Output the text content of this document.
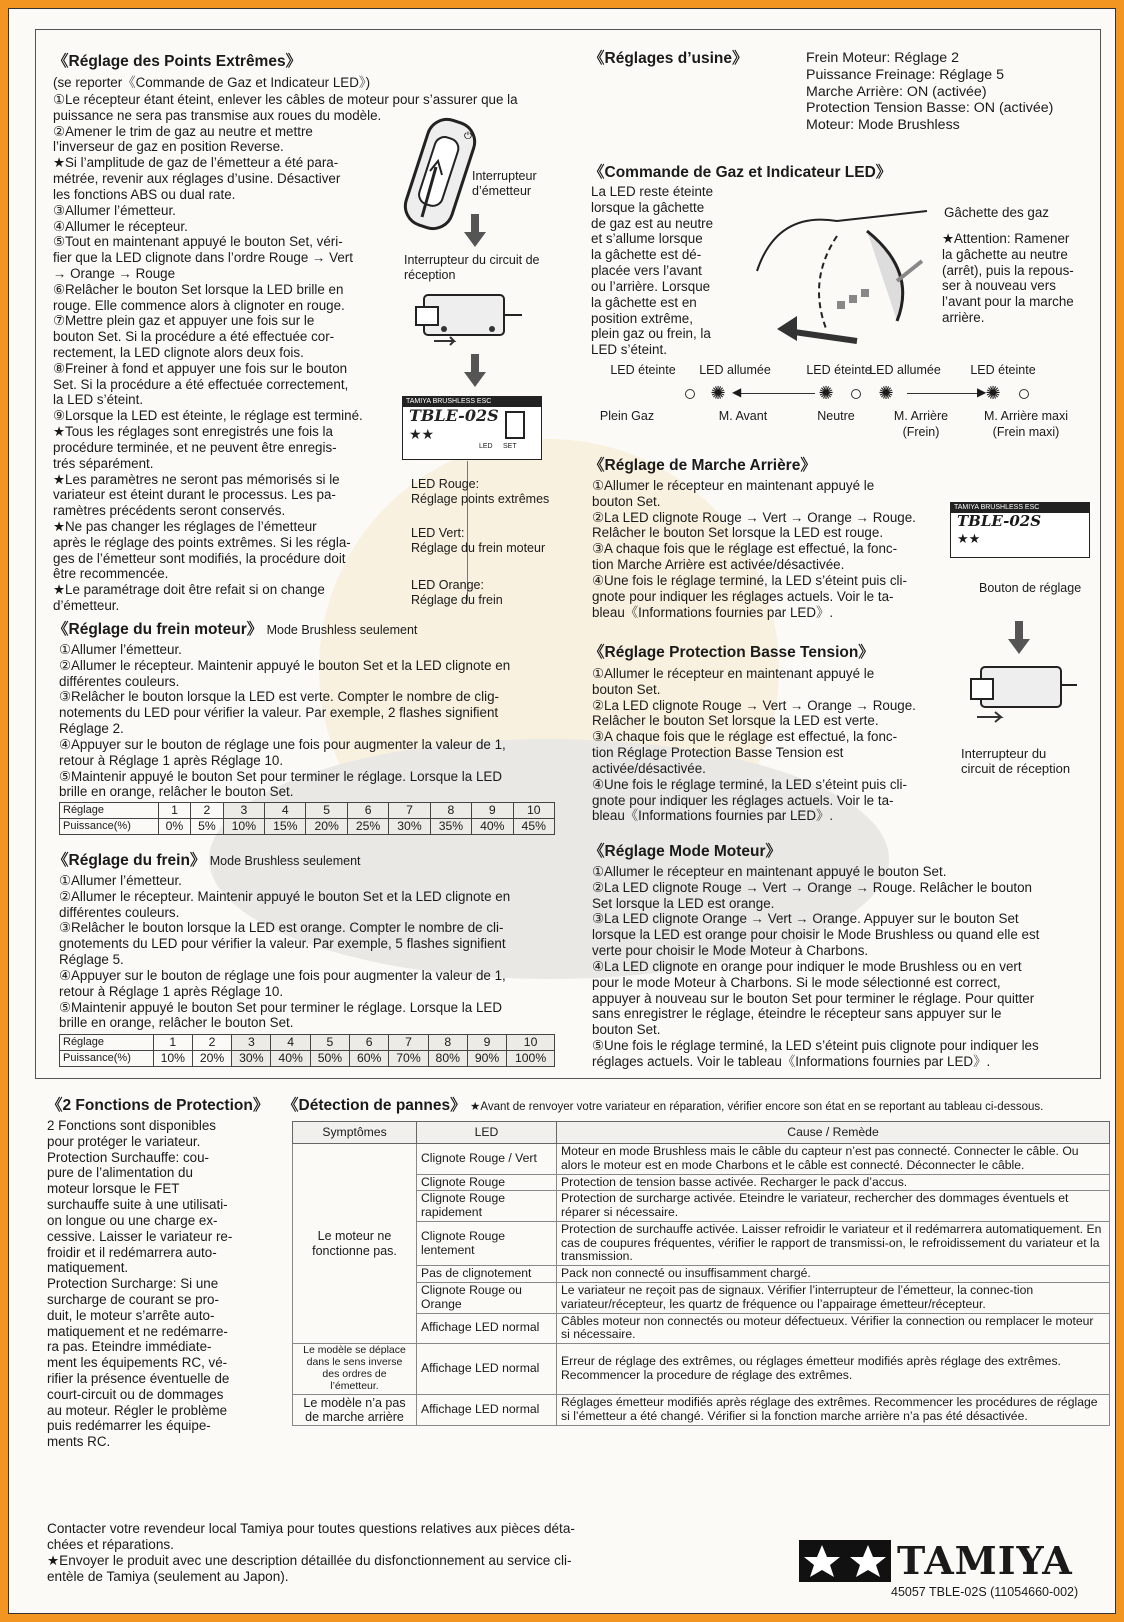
《Réglage des Points Extrêmes》
(se reporter《Commande de Gaz et Indicateur LED》)
①Le récepteur étant éteint, enlever les câbles de moteur pour s’assurer que la
puissance ne sera pas transmise aux roues du modèle.
②Amener le trim de gaz au neutre et mettre
l’inverseur de gaz en position Reverse.
★Si l’amplitude de gaz de l’émetteur a été para-
métrée, revenir aux réglages d’usine. Désactiver
les fonctions ABS ou dual rate.
③Allumer l’émetteur.
④Allumer le récepteur.
⑤Tout en maintenant appuyé le bouton Set, véri-
fier que la LED clignote dans l’ordre Rouge → Vert
→ Orange → Rouge
⑥Relâcher le bouton Set lorsque la LED brille en
rouge. Elle commence alors à clignoter en rouge.
⑦Mettre plein gaz et appuyer une fois sur le
bouton Set. Si la procédure a été effectuée cor-
rectement, la LED clignote alors deux fois.
⑧Freiner à fond et appuyer une fois sur le bouton
Set. Si la procédure a été effectuée correctement,
la LED s’éteint.
⑨Lorsque la LED est éteinte, le réglage est terminé.
★Tous les réglages sont enregistrés une fois la
procédure terminée, et ne peuvent être enregis-
trés séparément.
★Les paramètres ne seront pas mémorisés si le
variateur est éteint durant le processus. Les pa-
ramètres précédents seront conservés.
★Ne pas changer les réglages de l’émetteur
après le réglage des points extrêmes. Si les régla-
ges de l’émetteur sont modifiés, la procédure doit
être recommencée.
★Le paramétrage doit être refait si on change
d’émetteur.
⏻
Interrupteur
d’émetteur
Interrupteur du circuit de
réception
TAMIYA BRUSHLESS ESC
TBLE-02S
★★
LED SET
LED Rouge:
Réglage points extrêmes
LED Vert:
Réglage du frein moteur
LED Orange:
Réglage du frein
《Réglage du frein moteur》 Mode Brushless seulement
①Allumer l’émetteur.
②Allumer le récepteur. Maintenir appuyé le bouton Set et la LED clignote en
différentes couleurs.
③Relâcher le bouton lorsque la LED est verte. Compter le nombre de clig-
notements du LED pour vérifier la valeur. Par exemple, 2 flashes signifient
Réglage 2.
④Appuyer sur le bouton de réglage une fois pour augmenter la valeur de 1,
retour à Réglage 1 après Réglage 10.
⑤Maintenir appuyé le bouton Set pour terminer le réglage. Lorsque la LED
brille en orange, relâcher le bouton Set.
Réglage	1	2	3	4	5	6	7	8	9	10
Puissance(%)	0%	5%	10%	15%	20%	25%	30%	35%	40%	45%
《Réglage du frein》 Mode Brushless seulement
①Allumer l’émetteur.
②Allumer le récepteur. Maintenir appuyé le bouton Set et la LED clignote en
différentes couleurs.
③Relâcher le bouton lorsque la LED est orange. Compter le nombre de cli-
gnotements du LED pour vérifier la valeur. Par exemple, 5 flashes signifient
Réglage 5.
④Appuyer sur le bouton de réglage une fois pour augmenter la valeur de 1,
retour à Réglage 1 après Réglage 10.
⑤Maintenir appuyé le bouton Set pour terminer le réglage. Lorsque la LED
brille en orange, relâcher le bouton Set.
Réglage	1	2	3	4	5	6	7	8	9	10
Puissance(%)	10%	20%	30%	40%	50%	60%	70%	80%	90%	100%
《Réglages d’usine》	Frein Moteur: Réglage 2
Puissance Freinage: Réglage 5
Marche Arrière: ON (activée)
Protection Tension Basse: ON (activée)
Moteur: Mode Brushless
《Commande de Gaz et Indicateur LED》
La LED reste éteinte
lorsque la gâchette
de gaz est au neutre
et s’allume lorsque
la gâchette est dé-
placée vers l’avant
ou l’arrière. Lorsque
la gâchette est en
position extrême,
plein gaz ou frein, la
LED s’éteint.
Gâchette des gaz
★Attention: Ramener
la gâchette au neutre
(arrêt), puis la repous-
ser à nouveau vers
l’avant pour la marche
arrière.
LED éteinte	LED allumée	LED éteinte
LED allumée	LED éteinte
✺	✺ ✺	✺
◀	▶
Plein Gaz	M. Avant	Neutre	M. Arrière	M. Arrière maxi
(Frein)	(Frein maxi)
《Réglage de Marche Arrière》
①Allumer le récepteur en maintenant appuyé le
bouton Set.
②La LED clignote Rouge → Vert → Orange → Rouge.
Relâcher le bouton Set lorsque la LED est rouge.
③A chaque fois que le réglage est effectué, la fonc-
tion Marche Arrière est activée/désactivée.
④Une fois le réglage terminé, la LED s’éteint puis cli-
gnote pour indiquer les réglages actuels. Voir le ta-
bleau《Informations fournies par LED》.
TAMIYA BRUSHLESS ESC
TBLE-02S
★★
Bouton de réglage
Interrupteur du
circuit de réception
《Réglage Protection Basse Tension》
①Allumer le récepteur en maintenant appuyé le
bouton Set.
②La LED clignote Rouge → Vert → Orange → Rouge.
Relâcher le bouton Set lorsque la LED est verte.
③A chaque fois que le réglage est effectué, la fonc-
tion Réglage Protection Basse Tension est
activée/désactivée.
④Une fois le réglage terminé, la LED s’éteint puis cli-
gnote pour indiquer les réglages actuels. Voir le ta-
bleau《Informations fournies par LED》.
《Réglage Mode Moteur》
①Allumer le récepteur en maintenant appuyé le bouton Set.
②La LED clignote Rouge → Vert → Orange → Rouge. Relâcher le bouton
Set lorsque la LED est orange.
③La LED clignote Orange → Vert → Orange. Appuyer sur le bouton Set
lorsque la LED est orange pour choisir le Mode Brushless ou quand elle est
verte pour choisir le Mode Moteur à Charbons.
④La LED clignote en orange pour indiquer le mode Brushless ou en vert
pour le mode Moteur à Charbons. Si le mode sélectionné est correct,
appuyer à nouveau sur le bouton Set pour terminer le réglage. Pour quitter
sans enregistrer le réglage, éteindre le récepteur sans appuyer sur le
bouton Set.
⑤Une fois le réglage terminé, la LED s’éteint puis clignote pour indiquer les
réglages actuels. Voir le tableau《Informations fournies par LED》.
《2 Fonctions de Protection》
2 Fonctions sont disponibles
pour protéger le variateur.
Protection Surchauffe: cou-
pure de l’alimentation du
moteur lorsque le FET
surchauffe suite à une utilisati-
on longue ou une charge ex-
cessive. Laisser le variateur re-
froidir et il redémarrera auto-
matiquement.
Protection Surcharge: Si une
surcharge de courant se pro-
duit, le moteur s’arrête auto-
matiquement et ne redémarre-
ra pas. Eteindre immédiate-
ment les équipements RC, vé-
rifier la présence éventuelle de
court-circuit ou de dommages
au moteur. Régler le problème
puis redémarrer les équipe-
ments RC.
《Détection de pannes》 ★Avant de renvoyer votre variateur en réparation, vérifier encore son état en se reportant au tableau ci-dessous.
Symptômes	LED	Cause / Remède
Le moteur ne fonctionne pas.	Clignote Rouge / Vert	Moteur en mode Brushless mais le câble du capteur n’est pas connecté. Connecter le câble. Ou alors le moteur est en mode Charbons et le câble est connecté. Déconnecter le câble.
	Clignote Rouge	Protection de tension basse activée. Recharger le pack d’accus.
	Clignote Rouge rapidement	Protection de surcharge activée. Eteindre le variateur, rechercher des dommages éventuels et réparer si nécessaire.
	Clignote Rouge lentement	Protection de surchauffe activée. Laisser refroidir le variateur et il redémarrera automatiquement. En cas de coupures fréquentes, vérifier le rapport de transmissi-on, le refroidissement du variateur et la transmission.
	Pas de clignotement	Pack non connecté ou insuffisamment chargé.
	Clignote Rouge ou Orange	Le variateur ne reçoit pas de signaux. Vérifier l’interrupteur de l’émetteur, la connec-tion variateur/récepteur, les quartz de fréquence ou l’appairage émetteur/récepteur.
	Affichage LED normal	Câbles moteur non connectés ou moteur défectueux. Vérifier la connection ou remplacer le moteur si nécessaire.
Le modèle se déplace dans le sens inverse des ordres de l’émetteur.	Affichage LED normal	Erreur de réglage des extrêmes, ou réglages émetteur modifiés après réglage des extrêmes. Recommencer la procedure de réglage des extrêmes.
Le modèle n’a pas de marche arrière	Affichage LED normal	Réglages émetteur modifiés après réglage des extrêmes. Recommencer les procédures de réglage si l’émetteur a été changé. Vérifier si la fonction marche arrière n’a pas été désactivée.
Contacter votre revendeur local Tamiya pour toutes questions relatives aux pièces déta-
chées et réparations.
★Envoyer le produit avec une description détaillée du disfonctionnement au service cli-
entèle de Tamiya (seulement au Japon).	TAMIYA
45057 TBLE-02S (11054660-002)
